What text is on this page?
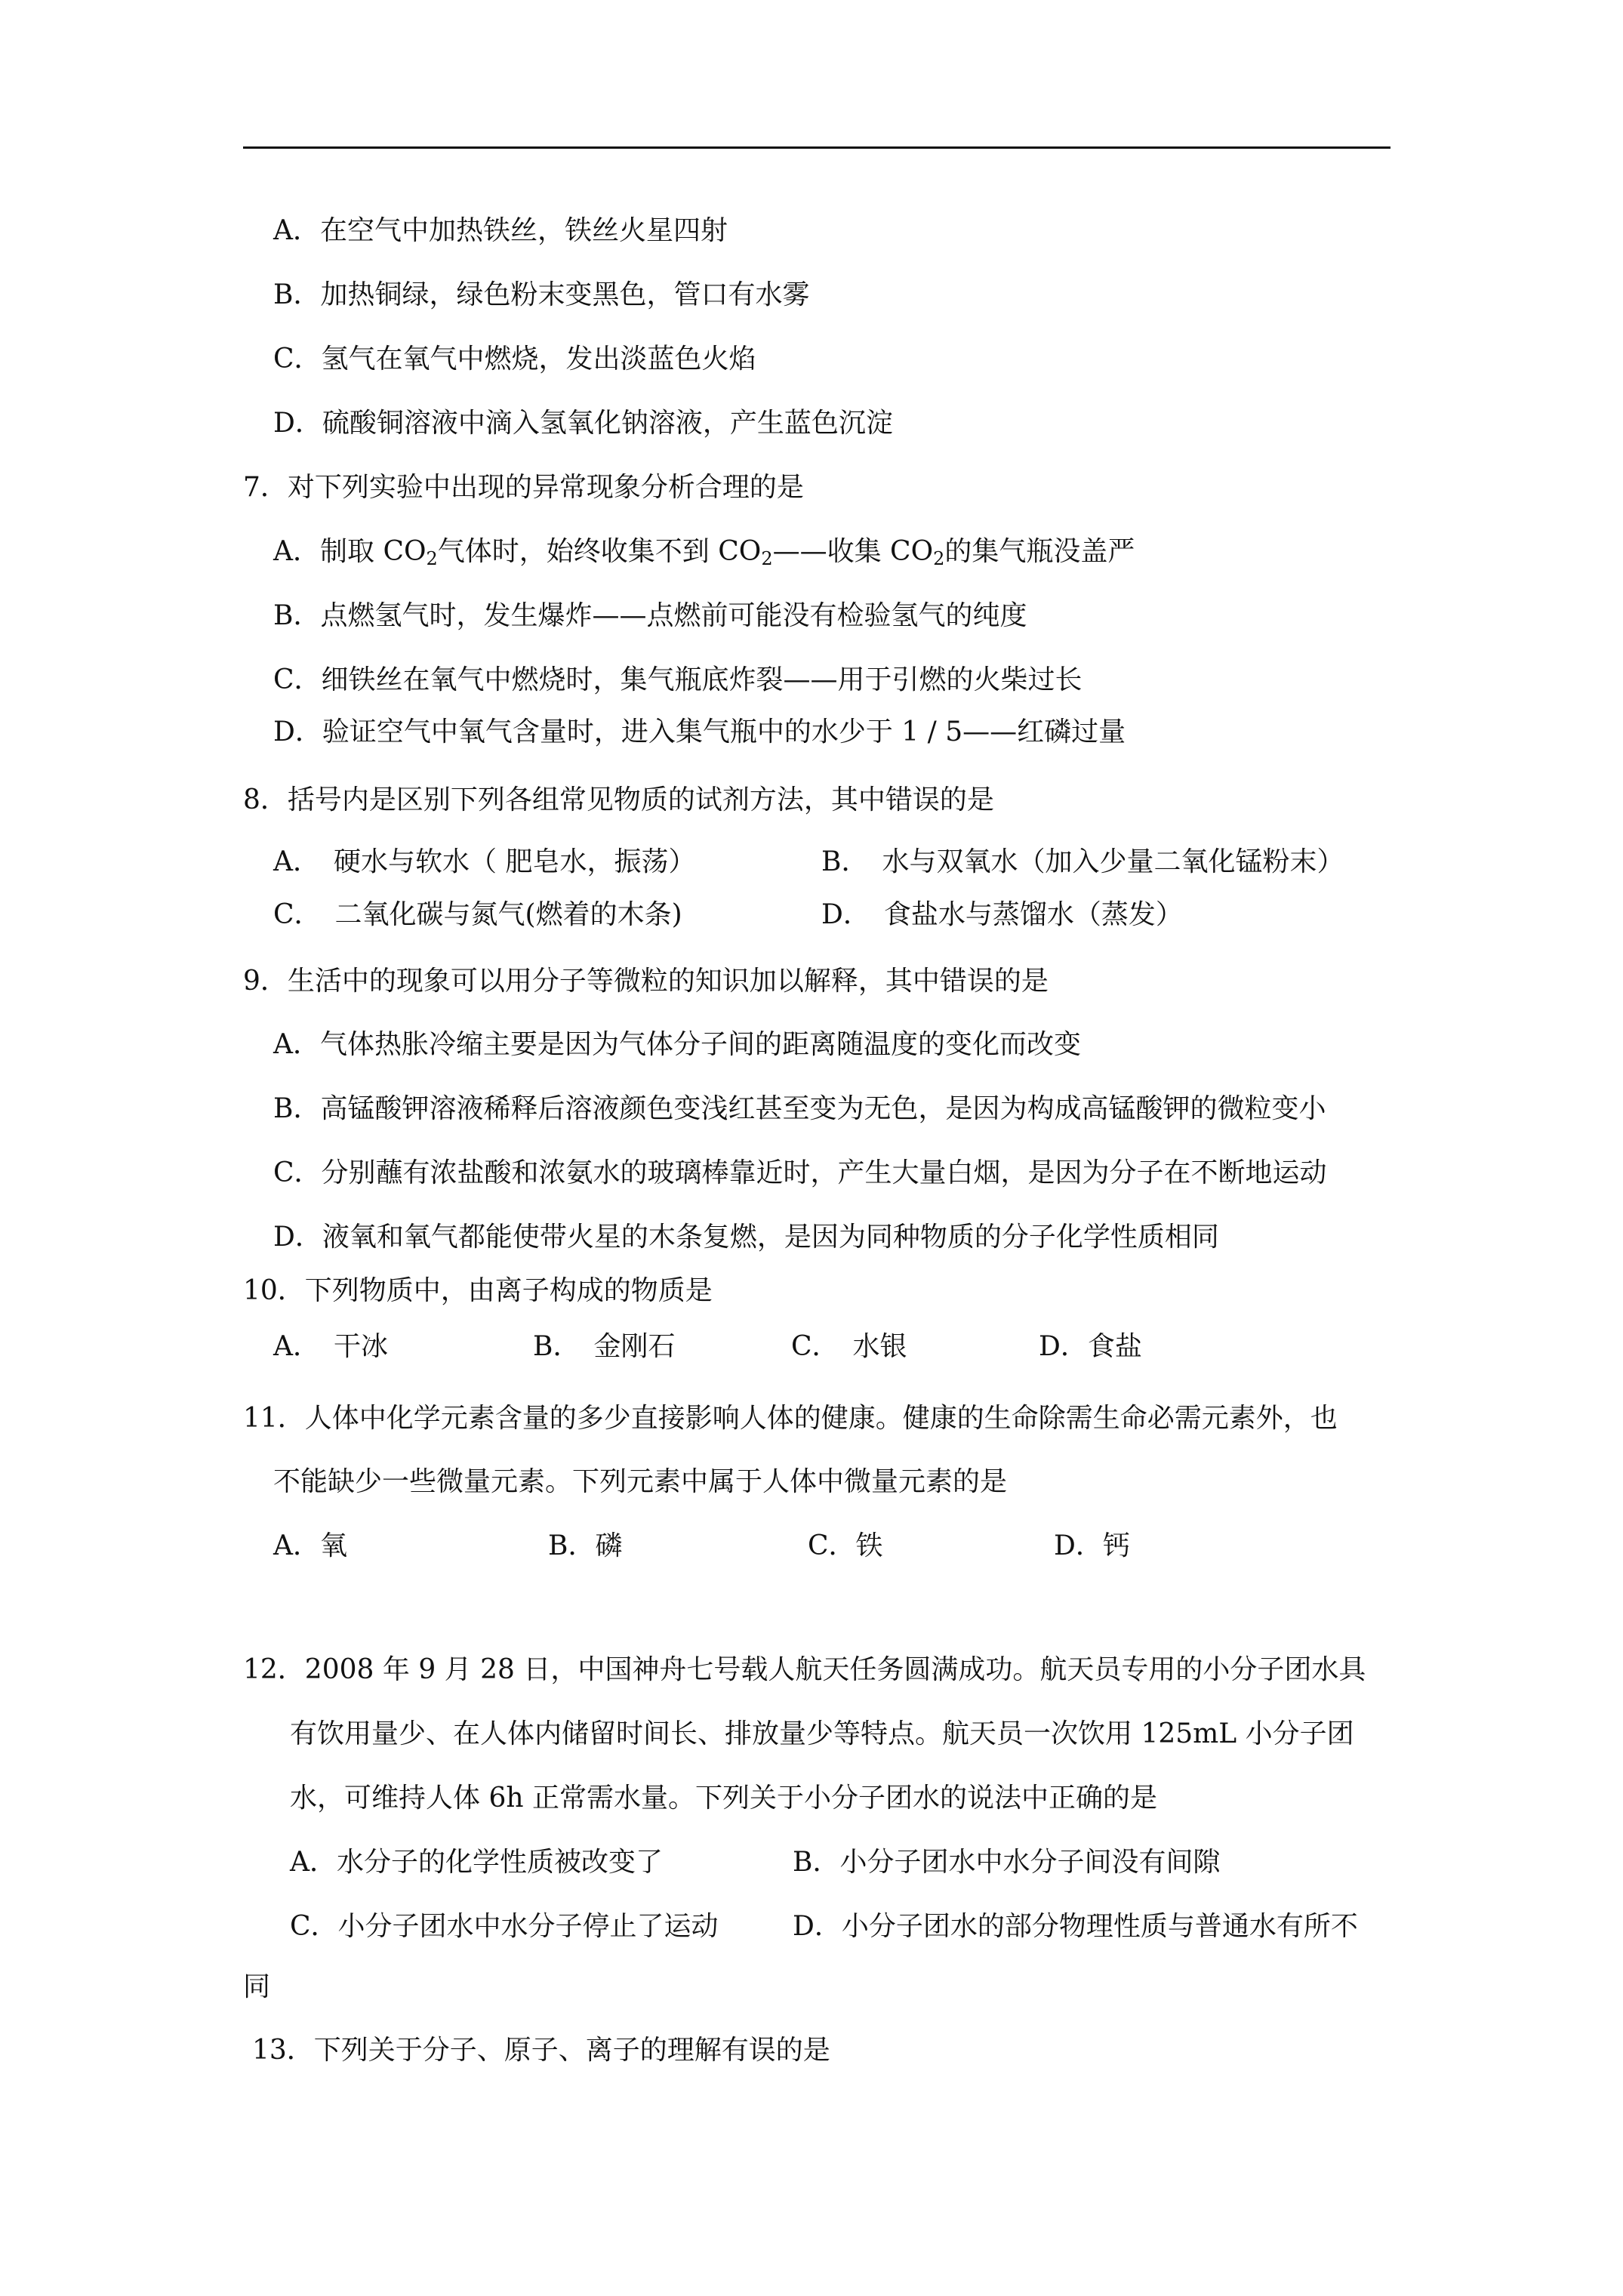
A．在空气中加热铁丝，铁丝火星四射
B．加热铜绿，绿色粉末变黑色，管口有水雾
C．氢气在氧气中燃烧，发出淡蓝色火焰
D．硫酸铜溶液中滴入氢氧化钠溶液，产生蓝色沉淀
7．对下列实验中出现的异常现象分析合理的是
A．制取 $CO_2$气体时，始终收集不到 $CO_2——$收集 $CO_2$的集气瓶没盖严
B．点燃氢气时，发生爆炸——点燃前可能没有检验氢气的纯度
C．细铁丝在氧气中燃烧时，集气瓶底炸裂——用于引燃的火柴过长
D．验证空气中氧气含量时，进入集气瓶中的水少于 1 / 5——红磷过量
8．括号内是区别下列各组常见物质的试剂方法，其中错误的是
A．　硬水与软水（ 肥皂水，振荡）	B．　水与双氧水（加入少量二氧化锰粉末）
C．　二氧化碳与氮气(燃着的木条)	D．　食盐水与蒸馏水（蒸发）
9．生活中的现象可以用分子等微粒的知识加以解释，其中错误的是
A．气体热胀冷缩主要是因为气体分子间的距离随温度的变化而改变
B．高锰酸钾溶液稀释后溶液颜色变浅红甚至变为无色，是因为构成高锰酸钾的微粒变小
C．分别蘸有浓盐酸和浓氨水的玻璃棒靠近时，产生大量白烟，是因为分子在不断地运动
D．液氧和氧气都能使带火星的木条复燃，是因为同种物质的分子化学性质相同
10．下列物质中，由离子构成的物质是
A．　干冰	B．　金刚石	C．　水银	D．食盐
11．人体中化学元素含量的多少直接影响人体的健康。健康的生命除需生命必需元素外，也
不能缺少一些微量元素。下列元素中属于人体中微量元素的是
A．氧	B．磷	C．铁	D．钙
12．2008 年 9 月 28 日，中国神舟七号载人航天任务圆满成功。航天员专用的小分子团水具
有饮用量少、在人体内储留时间长、排放量少等特点。航天员一次饮用 125mL 小分子团
水，可维持人体 6h 正常需水量。下列关于小分子团水的说法中正确的是
A．水分子的化学性质被改变了	B．小分子团水中水分子间没有间隙
C．小分子团水中水分子停止了运动	D．小分子团水的部分物理性质与普通水有所不
同
13．下列关于分子、原子、离子的理解有误的是
